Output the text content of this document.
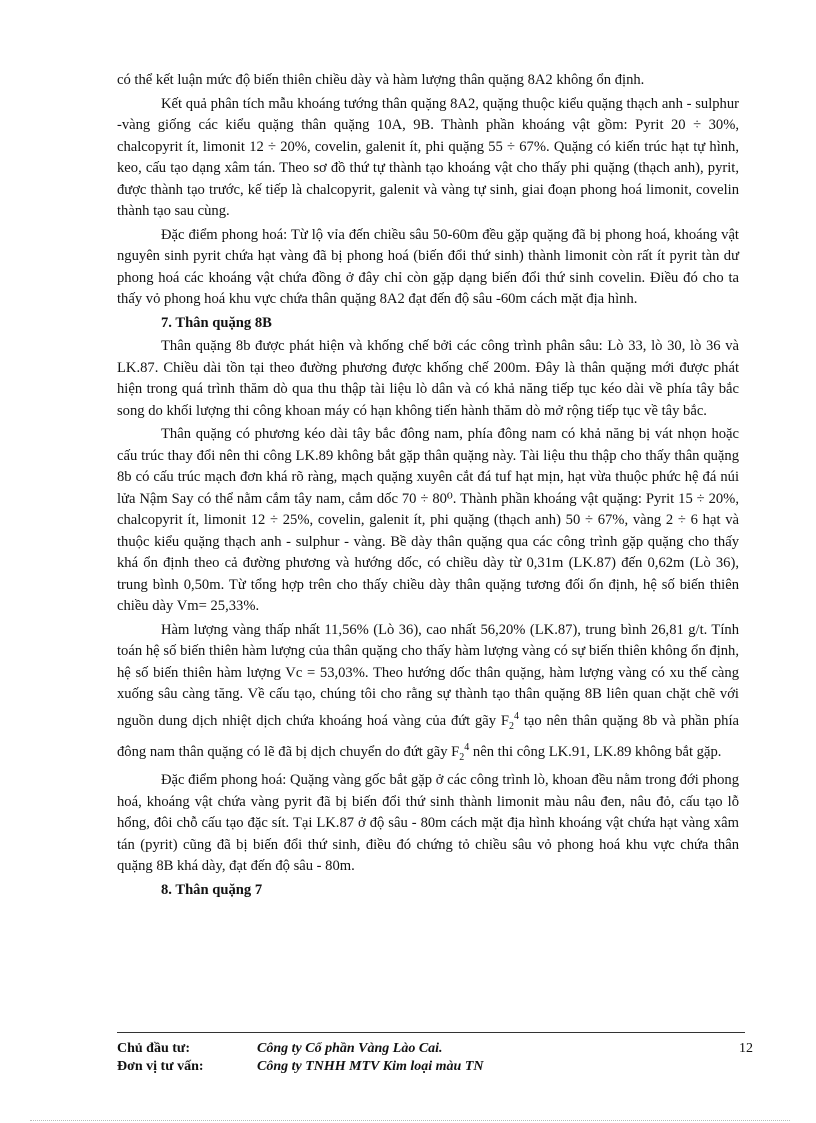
có thể kết luận mức độ biến thiên chiều dày và hàm lượng thân quặng 8A2 không ổn định.

Kết quả phân tích mẫu khoáng tướng thân quặng 8A2, quặng thuộc kiểu quặng thạch anh - sulphur -vàng giống các kiểu quặng thân quặng 10A, 9B. Thành phần khoáng vật gồm: Pyrit 20 ÷ 30%, chalcopyrit ít, limonit 12 ÷ 20%, covelin, galenit ít, phi quặng 55 ÷ 67%. Quặng có kiến trúc hạt tự hình, keo, cấu tạo dạng xâm tán. Theo sơ đồ thứ tự thành tạo khoáng vật cho thấy phi quặng (thạch anh), pyrit, được thành tạo trước, kế tiếp là chalcopyrit, galenit và vàng tự sinh, giai đoạn phong hoá limonit, covelin thành tạo sau cùng.

Đặc điểm phong hoá: Từ lộ vỉa đến chiều sâu 50-60m đều gặp quặng đã bị phong hoá, khoáng vật nguyên sinh pyrit chứa hạt vàng đã bị phong hoá (biến đổi thứ sinh) thành limonit còn rất ít pyrit tàn dư phong hoá các khoáng vật chứa đồng ở đây chỉ còn gặp dạng biến đổi thứ sinh covelin. Điều đó cho ta thấy vỏ phong hoá khu vực chứa thân quặng 8A2 đạt đến độ sâu -60m cách mặt địa hình.

7. Thân quặng 8B

Thân quặng 8b được phát hiện và khống chế bởi các công trình phân sâu: Lò 33, lò 30, lò 36 và LK.87. Chiều dài tồn tại theo đường phương được khống chế 200m. Đây là thân quặng mới được phát hiện trong quá trình thăm dò qua thu thập tài liệu lò dân và có khả năng tiếp tục kéo dài về phía tây bắc song do khối lượng thi công khoan máy có hạn không tiến hành thăm dò mở rộng tiếp tục về tây bắc.

Thân quặng có phương kéo dài tây bắc đông nam, phía đông nam có khả năng bị vát nhọn hoặc cấu trúc thay đổi nên thi công LK.89 không bắt gặp thân quặng này. Tài liệu thu thập cho thấy thân quặng 8b có cấu trúc mạch đơn khá rõ ràng, mạch quặng xuyên cắt đá tuf hạt mịn, hạt vừa thuộc phức hệ đá núi lửa Nậm Say có thể nằm cắm tây nam, cắm dốc 70 ÷ 80⁰. Thành phần khoáng vật quặng: Pyrit 15 ÷ 20%, chalcopyrit ít, limonit 12 ÷ 25%, covelin, galenit ít, phi quặng (thạch anh) 50 ÷ 67%, vàng 2 ÷ 6 hạt và thuộc kiểu quặng thạch anh - sulphur - vàng. Bề dày thân quặng qua các công trình gặp quặng cho thấy khá ổn định theo cả đường phương và hướng dốc, có chiều dày từ 0,31m (LK.87) đến 0,62m (Lò 36), trung bình 0,50m. Từ tổng hợp trên cho thấy chiều dày thân quặng tương đối ổn định, hệ số biến thiên chiều dày Vm= 25,33%.

Hàm lượng vàng thấp nhất 11,56% (Lò 36), cao nhất 56,20% (LK.87), trung bình 26,81 g/t. Tính toán hệ số biến thiên hàm lượng của thân quặng cho thấy hàm lượng vàng có sự biến thiên không ổn định, hệ số biến thiên hàm lượng Vc = 53,03%. Theo hướng dốc thân quặng, hàm lượng vàng có xu thế càng xuống sâu càng tăng. Về cấu tạo, chúng tôi cho rằng sự thành tạo thân quặng 8B liên quan chặt chẽ với nguồn dung dịch nhiệt dịch chứa khoáng hoá vàng của đứt gãy $F_2^4$ tạo nên thân quặng 8b và phần phía đông nam thân quặng có lẽ đã bị dịch chuyển do đứt gãy $F_2^4$ nên thi công LK.91, LK.89 không bắt gặp.

Đặc điểm phong hoá: Quặng vàng gốc bắt gặp ở các công trình lò, khoan đều nằm trong đới phong hoá, khoáng vật chứa vàng pyrit đã bị biến đổi thứ sinh thành limonit màu nâu đen, nâu đỏ, cấu tạo lỗ hổng, đôi chỗ cấu tạo đặc sít. Tại LK.87 ở độ sâu - 80m cách mặt địa hình khoáng vật chứa hạt vàng xâm tán (pyrit) cũng đã bị biến đổi thứ sinh, điều đó chứng tỏ chiều sâu vỏ phong hoá khu vực chứa thân quặng 8B khá dày, đạt đến độ sâu - 80m.

8. Thân quặng 7
Chủ đầu tư:	Công ty Cổ phần Vàng Lào Cai.	12
Đơn vị tư vấn:	Công ty TNHH MTV Kim loại màu TN
